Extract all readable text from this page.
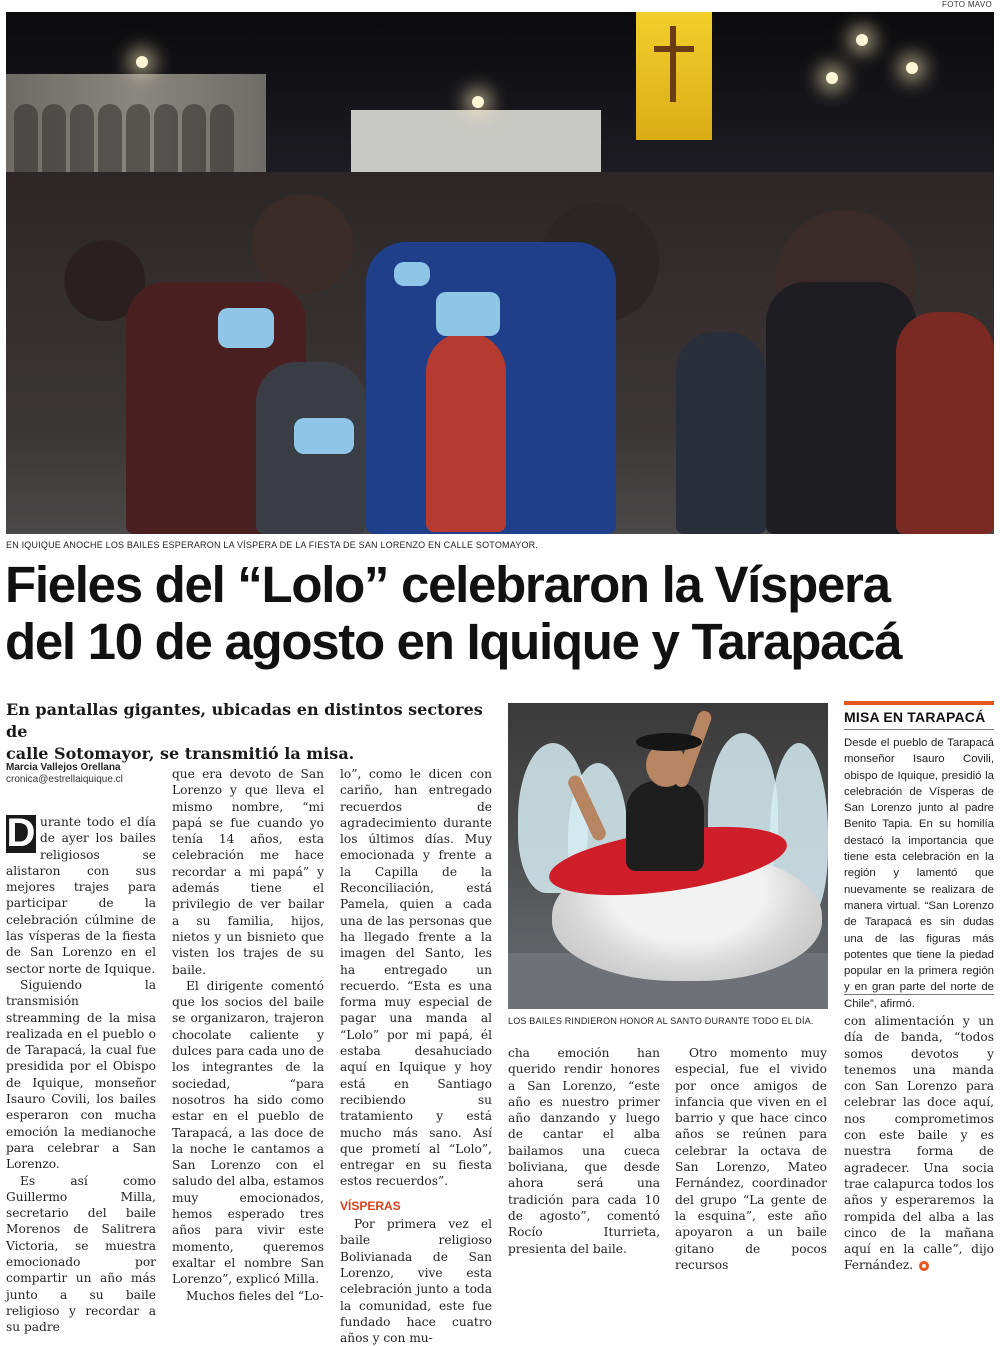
FOTO MAVO
EN IQUIQUE ANOCHE LOS BAILES ESPERARON LA VÍSPERA DE LA FIESTA DE SAN LORENZO EN CALLE SOTOMAYOR.
Fieles del “Lolo” celebraron la Víspera
del 10 de agosto en Iquique y Tarapacá
En pantallas gigantes, ubicadas en distintos sectores de
calle Sotomayor, se transmitió la misa.
Marcia Vallejos Orellana
cronica@estrellaiquique.cl

D urante todo el día de ayer los bailes religiosos se alistaron con sus mejores trajes para participar de la celebración cúlmine de las vísperas de la fiesta de San Lorenzo en el sector norte de Iquique.

Siguiendo la transmisión streamming de la misa realizada en el pueblo o de Tarapacá, la cual fue presidida por el Obispo de Iquique, monseñor Isauro Covili, los bailes esperaron con mucha emoción la medianoche para celebrar a San Lorenzo.

Es así como Guillermo Milla, secretario del baile Morenos de Salitrera Victoria, se muestra emocionado por compartir un año más junto a su baile religioso y recordar a su padre

que era devoto de San Lorenzo y que lleva el mismo nombre, “mi papá se fue cuando yo tenía 14 años, esta celebración me hace recordar a mi papá” y además tiene el privilegio de ver bailar a su familia, hijos, nietos y un bisnieto que visten los trajes de su baile.

El dirigente comentó que los socios del baile se organizaron, trajeron chocolate caliente y dulces para cada uno de los integrantes de la sociedad, “para nosotros ha sido como estar en el pueblo de Tarapacá, a las doce de la noche le cantamos a San Lorenzo con el saludo del alba, estamos muy emocionados, hemos esperado tres años para vivir este momento, queremos exaltar el nombre San Lorenzo”, explicó Milla.

Muchos fieles del “Lo-

lo”, como le dicen con cariño, han entregado recuerdos de agradecimiento durante los últimos días. Muy emocionada y frente a la Capilla de la Reconciliación, está Pamela, quien a cada una de las personas que ha llegado frente a la imagen del Santo, les ha entregado un recuerdo. “Esta es una forma muy especial de pagar una manda al “Lolo” por mi papá, él estaba desahuciado aquí en Iquique y hoy está en Santiago recibiendo su tratamiento y está mucho más sano. Así que prometí al “Lolo”, entregar en su fiesta estos recuerdos”.

VÍSPERAS

Por primera vez el baile religioso Bolivianada de San Lorenzo, vive esta celebración junto a toda la comunidad, este fue fundado hace cuatro años y con mu-

LOS BAILES RINDIERON HONOR AL SANTO DURANTE TODO EL DÍA.

cha emoción han querido rendir honores a San Lorenzo, “este año es nuestro primer año danzando y luego de cantar el alba bailamos una cueca boliviana, que desde ahora será una tradición para cada 10 de agosto”, comentó Rocío Iturrieta, presienta del baile.

Otro momento muy especial, fue el vivido por once amigos de infancia que viven en el barrio y que hace cinco años se reúnen para celebrar la octava de San Lorenzo, Mateo Fernández, coordinador del grupo “La gente de la esquina”, este año apoyaron a un baile gitano de pocos recursos

MISA EN TARAPACÁ
Desde el pueblo de Tarapacá monseñor Isauro Covili, obispo de Iquique, presidió la celebración de Vísperas de San Lorenzo junto al padre Benito Tapia. En su homilía destacó la importancia que tiene esta celebración en la región y lamentó que nuevamente se realizara de manera virtual. “San Lorenzo de Tarapacá es sin dudas una de las figuras más potentes que tiene la piedad popular en la primera región y en gran parte del norte de Chile”, afirmó.

con alimentación y un día de banda, “todos somos devotos y tenemos una manda con San Lorenzo para celebrar las doce aquí, nos comprometimos con este baile y es nuestra forma de agradecer. Una socia trae calapurca todos los años y esperaremos la rompida del alba a las cinco de la mañana aquí en la calle”, dijo Fernández.
